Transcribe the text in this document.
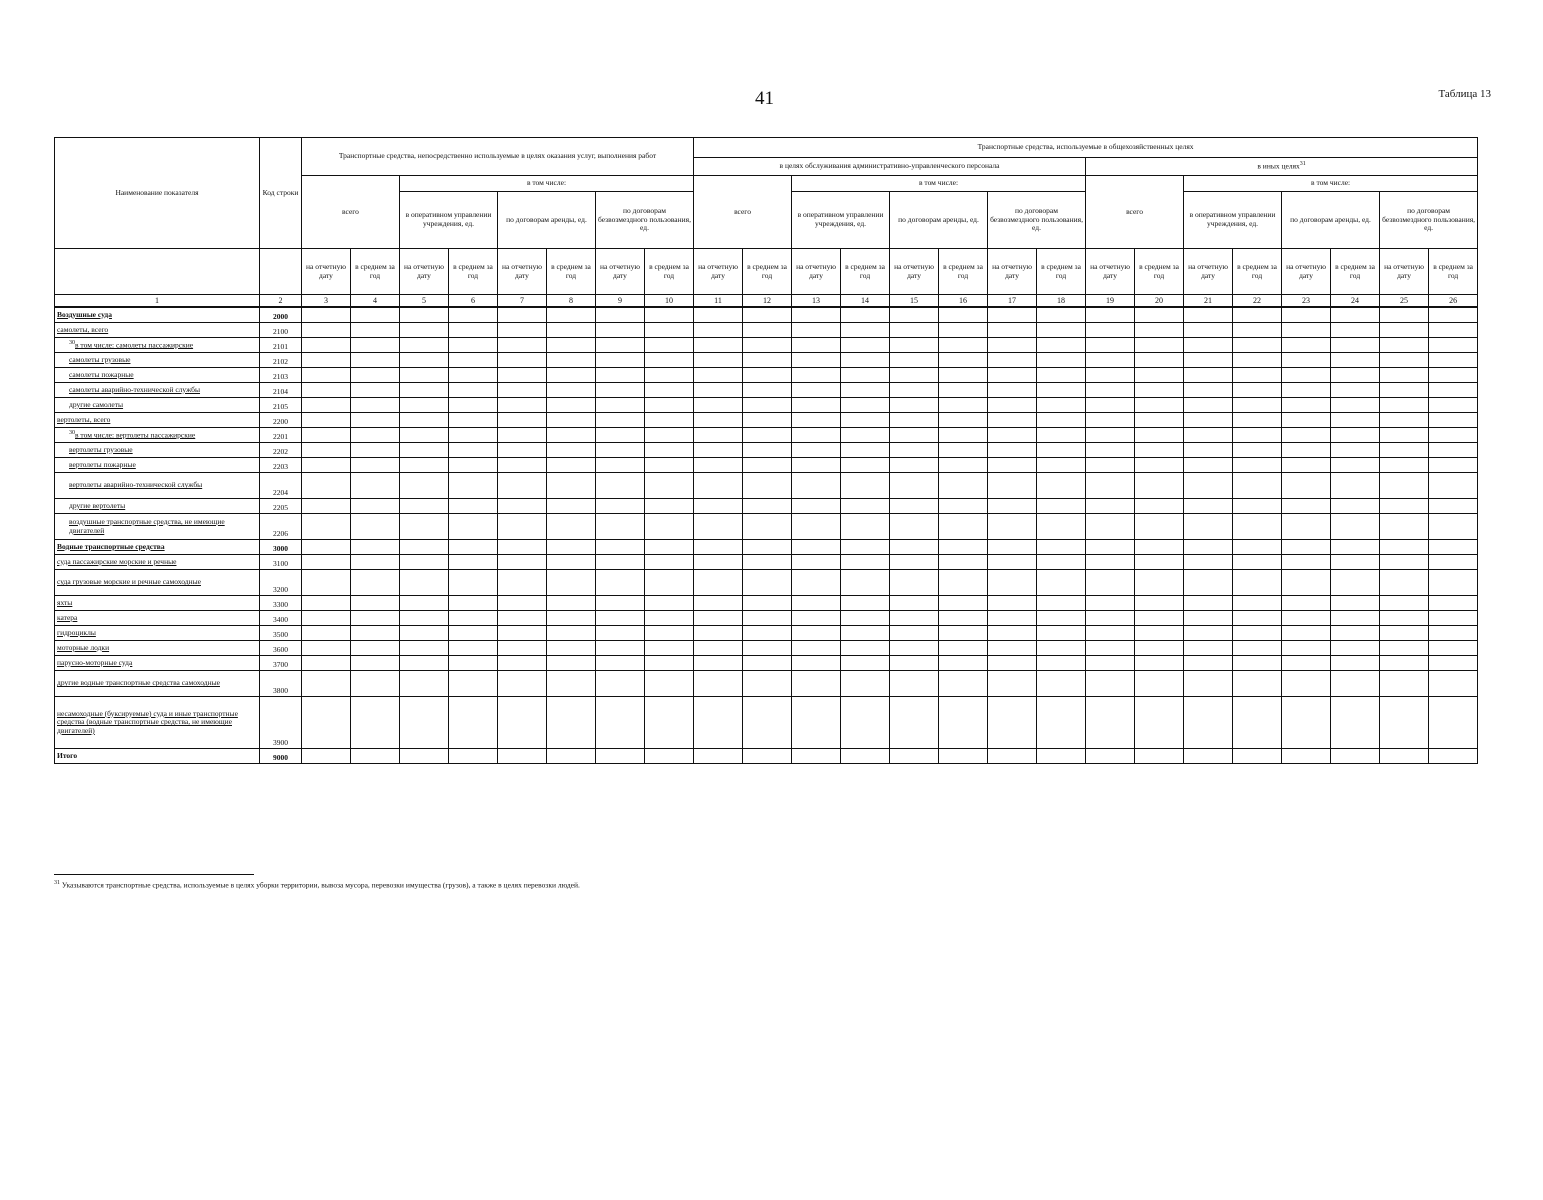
41	Таблица 13
Наименование показателя	Код строки	Транспортные средства, непосредственно используемые в целях оказания услуг, выполнения работ								Транспортные средства, используемые в общехозяйственных целях															
										в целях обслуживания административно-управленческого персонала								в иных целях$^{31}$
		всего		в том числе:						всего		в том числе:						всего		в том числе:					
				в оперативном управлении учреждения, ед.		по договорам аренды, ед.		по договорам безвозмездного пользования, ед.				в оперативном управлении учреждения, ед.		по договорам аренды, ед.		по договорам безвозмездного пользования, ед.				в оперативном управлении учреждения, ед.		по договорам аренды, ед.		по договорам безвозмездного пользования, ед.	
		на отчетную дату	в среднем за год	на отчетную дату	в среднем за год	на отчетную дату	в среднем за год	на отчетную дату	в среднем за год	на отчетную дату	в среднем за год	на отчетную дату	в среднем за год	на отчетную дату	в среднем за год	на отчетную дату	в среднем за год	на отчетную дату	в среднем за год	на отчетную дату	в среднем за год	на отчетную дату	в среднем за год	на отчетную дату	в среднем за год
1	2	3	4	5	6	7	8	9	10	11	12	13	14	15	16	17	18	19	20	21	22	23	24	25	26
Воздушные суда	2000																								
самолеты, всего	2100																								
$^{30}$в том числе: самолеты пассажирские	2101																								
самолеты грузовые	2102																								
самолеты пожарные	2103																								
самолеты аварийно-технической службы	2104																								
другие самолеты	2105																								
вертолеты, всего	2200																								
$^{30}$в том числе: вертолеты пассажирские	2201																								
вертолеты грузовые	2202																								
вертолеты пожарные	2203																								
вертолеты аварийно-технической службы	2204																								
другие вертолеты	2205																								
воздушные транспортные средства, не имеющие двигателей	2206																								
Водные транспортные средства	3000																								
суда пассажирские морские и речные	3100																								
суда грузовые морские и речные самоходные	3200																								
яхты	3300																								
катера	3400																								
гидроциклы	3500																								
моторные лодки	3600																								
парусно-моторные суда	3700																								
другие водные транспортные средства самоходные	3800																								
несамоходные (буксируемые) суда и иные транспортные средства (водные транспортные средства, не имеющие двигателей)	3900																								
Итого	9000																								
$^{31}$ Указываются транспортные средства, используемые в целях уборки территории, вывоза мусора, перевозки имущества (грузов), а также в целях перевозки людей.
